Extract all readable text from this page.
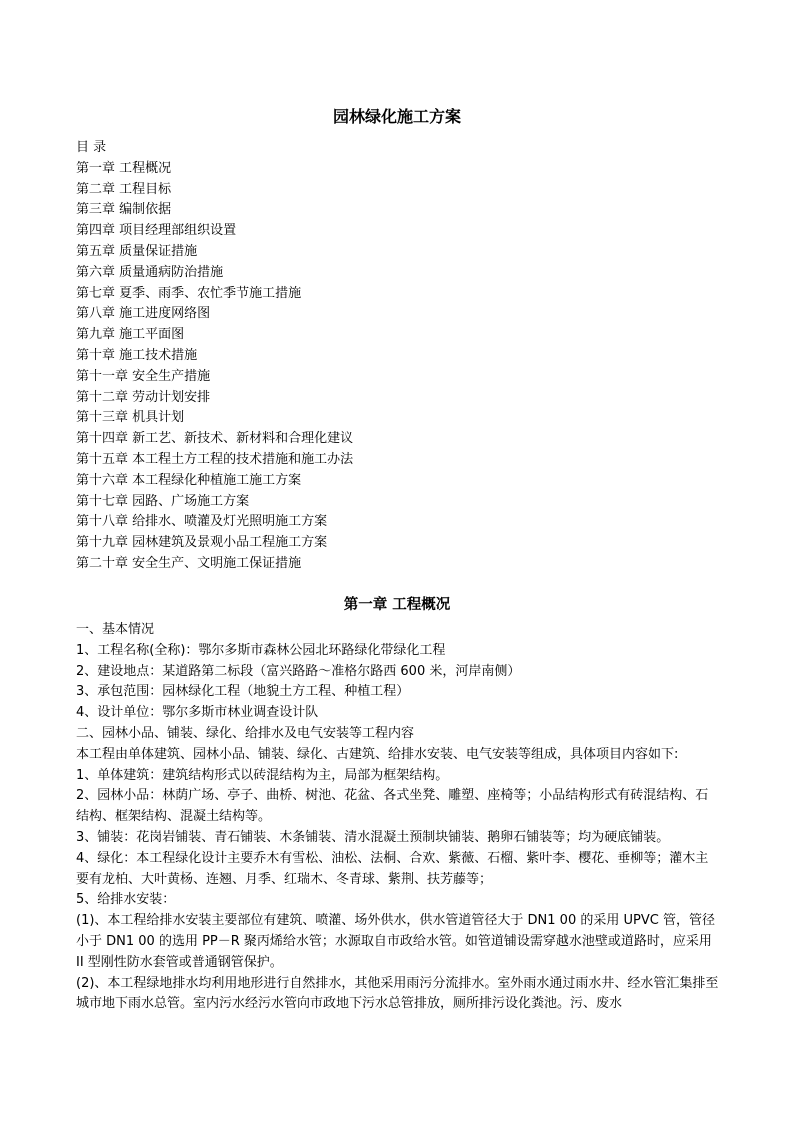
园林绿化施工方案
目 录
第一章 工程概况
第二章 工程目标
第三章 编制依据
第四章 项目经理部组织设置
第五章 质量保证措施
第六章 质量通病防治措施
第七章 夏季、雨季、农忙季节施工措施
第八章 施工进度网络图
第九章 施工平面图
第十章 施工技术措施
第十一章 安全生产措施
第十二章 劳动计划安排
第十三章 机具计划
第十四章 新工艺、新技术、新材料和合理化建议
第十五章 本工程土方工程的技术措施和施工办法
第十六章 本工程绿化种植施工施工方案
第十七章 园路、广场施工方案
第十八章 给排水、喷灌及灯光照明施工方案
第十九章 园林建筑及景观小品工程施工方案
第二十章 安全生产、文明施工保证措施
第一章 工程概况

一、基本情况

1、工程名称(全称)：鄂尔多斯市森林公园北环路绿化带绿化工程

2、建设地点：某道路第二标段（富兴路路～准格尔路西 600 米，河岸南侧）

3、承包范围：园林绿化工程（地貌土方工程、种植工程）

4、设计单位：鄂尔多斯市林业调查设计队

二、园林小品、铺装、绿化、给排水及电气安装等工程内容

本工程由单体建筑、园林小品、铺装、绿化、古建筑、给排水安装、电气安装等组成，具体项目内容如下:

1、单体建筑：建筑结构形式以砖混结构为主，局部为框架结构。

2、园林小品：林荫广场、亭子、曲桥、树池、花盆、各式坐凳、雕塑、座椅等；小品结构形式有砖混结构、石结构、框架结构、混凝土结构等。

3、铺装：花岗岩铺装、青石铺装、木条铺装、清水混凝土预制块铺装、鹅卵石铺装等；均为硬底铺装。

4、绿化：本工程绿化设计主要乔木有雪松、油松、法桐、合欢、紫薇、石榴、紫叶李、樱花、垂柳等；灌木主要有龙柏、大叶黄杨、连翘、月季、红瑞木、冬青球、紫荆、扶芳藤等；

5、给排水安装：

(1)、本工程给排水安装主要部位有建筑、喷灌、场外供水，供水管道管径大于 DN1 00 的采用 UPVC 管，管径小于 DN1 00 的选用 PP－R 聚丙烯给水管；水源取自市政给水管。如管道铺设需穿越水池壁或道路时，应采用 II 型刚性防水套管或普通钢管保护。

(2)、本工程绿地排水均利用地形进行自然排水，其他采用雨污分流排水。室外雨水通过雨水井、经水管汇集排至城市地下雨水总管。室内污水经污水管向市政地下污水总管排放，厕所排污设化粪池。污、废水
